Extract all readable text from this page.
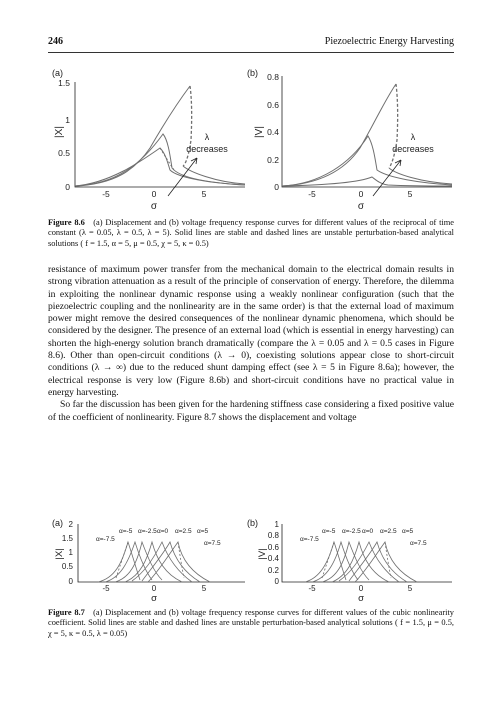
246	Piezoelectric Energy Harvesting
(a)
1.5
1
0.5
0
-5	0	5
σ
|X|	λ
decreases
(b) 0.8
0.6
0.4
0.2
0
-5	0	5
σ
|V|	λ
decreases
Figure 8.6 (a) Displacement and (b) voltage frequency response curves for different values of the reciprocal of time constant (λ = 0.05, λ = 0.5, λ = 5). Solid lines are stable and dashed lines are unstable perturbation-based analytical solutions ( f = 1.5, α = 5, μ = 0.5, χ = 5, κ = 0.5)

resistance of maximum power transfer from the mechanical domain to the electrical domain results in strong vibration attenuation as a result of the principle of conservation of energy. Therefore, the dilemma in exploiting the nonlinear dynamic response using a weakly nonlinear configuration (such that the piezoelectric coupling and the nonlinearity are in the same order) is that the external load of maximum power might remove the desired consequences of the nonlinear dynamic phenomena, which should be considered by the designer. The presence of an external load (which is essential in energy harvesting) can shorten the high-energy solution branch dramatically (compare the λ = 0.05 and λ = 0.5 cases in Figure 8.6). Other than open-circuit conditions (λ → 0), coexisting solutions appear close to short-circuit conditions (λ → ∞) due to the reduced shunt damping effect (see λ = 5 in Figure 8.6a); however, the electrical response is very low (Figure 8.6b) and short-circuit conditions have no practical value in energy harvesting.

So far the discussion has been given for the hardening stiffness case considering a fixed positive value of the coefficient of nonlinearity. Figure 8.7 shows the displacement and voltage

(a) 2
1.5
1
0.5
0
-5	0	5
σ
|X|
α=-7.5
α=-5 α=-2.5 α=0 α=2.5 α=5
α=7.5
(b) 1
0.8
0.6
0.4
0.2
0
-5	0	5
σ
|V|
α=-7.5
α=-5 α=-2.5 α=0 α=2.5 α=5
α=7.5
Figure 8.7 (a) Displacement and (b) voltage frequency response curves for different values of the cubic nonlinearity coefficient. Solid lines are stable and dashed lines are unstable perturbation-based analytical solutions ( f = 1.5, μ = 0.5, χ = 5, κ = 0.5, λ = 0.05)
